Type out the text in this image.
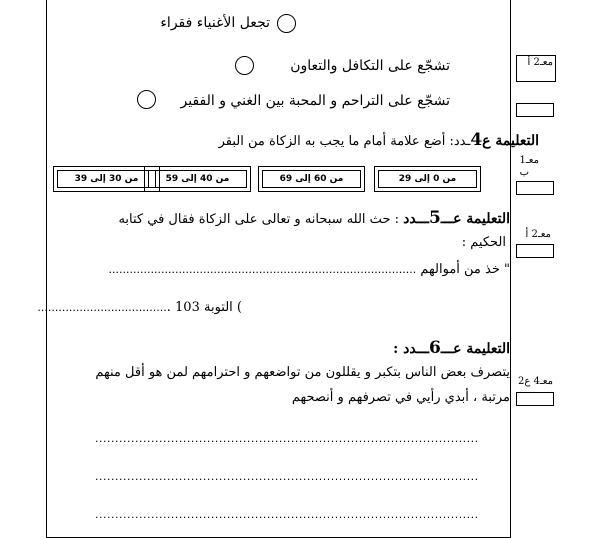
تجعل الأغنياء فقراء
تشجّع على التكافل والتعاون
تشجّع على التراحم و المحبة بين الغني و الفقير
التعليمة ع4ـدد: أضع علامة أمام ما يجب به الزكاة من البقر
من 0 إلى 29
من 60 إلى 69
من 40 إلى 59
من 30 إلى 39
التعليمة عـــ5ـــدد : حث الله سبحانه و تعالى على الزكاة فقال في كتابه
الحكيم :
" خذ من أموالهم ........................................................................................
) التوبة 103 ......................................
التعليمة عـــ6ـــدد :
يتصرف بعض الناس بتكبر و يقللون من تواضعهم و احترامهم لمن هو أقل منهم
مرتبة ، أبدي رأيي في تصرفهم و أنصحهم
................................................................................................
................................................................................................
................................................................................................
معـ2 أ
معـ1
ب
معـ2 أ
معـ4 ع2
